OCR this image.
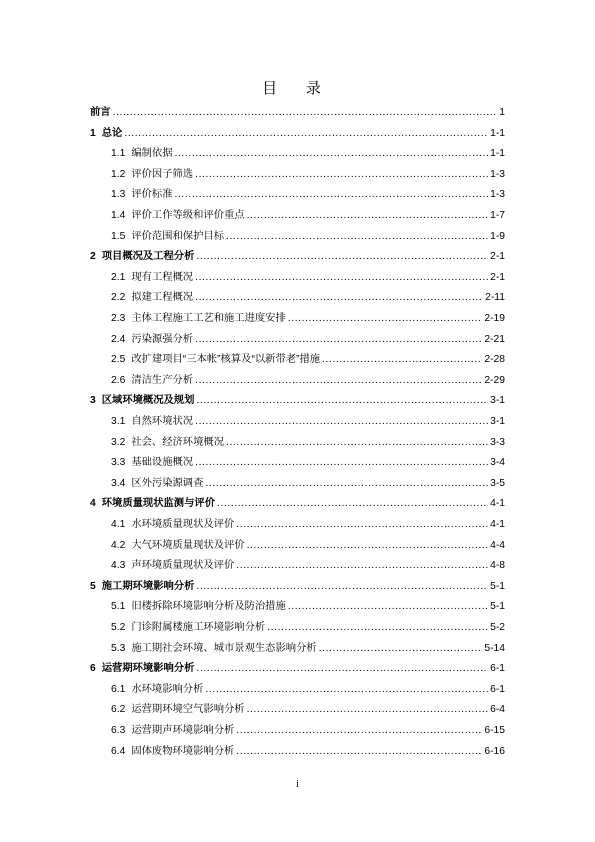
目 录
前言 .....	1
1 总论 .....	1-1
1.1 编制依据 .....	1-1
1.2 评价因子筛选 .....	1-3
1.3 评价标准 .....	1-3
1.4 评价工作等级和评价重点 .....	1-7
1.5 评价范围和保护目标 .....	1-9
2 项目概况及工程分析 .....	2-1
2.1 现有工程概况 .....	2-1
2.2 拟建工程概况 .....	2-11
2.3 主体工程施工工艺和施工进度安排 .....	2-19
2.4 污染源强分析 .....	2-21
2.5 改扩建项目“三本帐”核算及“以新带老”措施 .....	2-28
2.6 清洁生产分析 .....	2-29
3 区域环境概况及规划 .....	3-1
3.1 自然环境状况 .....	3-1
3.2 社会、经济环境概况 .....	3-3
3.3 基础设施概况 .....	3-4
3.4 区外污染源调查 .....	3-5
4 环境质量现状监测与评价 .....	4-1
4.1 水环境质量现状及评价 .....	4-1
4.2 大气环境质量现状及评价 .....	4-4
4.3 声环境质量现状及评价 .....	4-8
5 施工期环境影响分析 .....	5-1
5.1 旧楼拆除环境影响分析及防治措施 .....	5-1
5.2 门诊附属楼施工环境影响分析 .....	5-2
5.3 施工期社会环境、城市景观生态影响分析 .....	5-14
6 运营期环境影响分析 .....	6-1
6.1 水环境影响分析 .....	6-1
6.2 运营期环境空气影响分析 .....	6-4
6.3 运营期声环境影响分析 .....	6-15
6.4 固体废物环境影响分析 .....	6-16
i
